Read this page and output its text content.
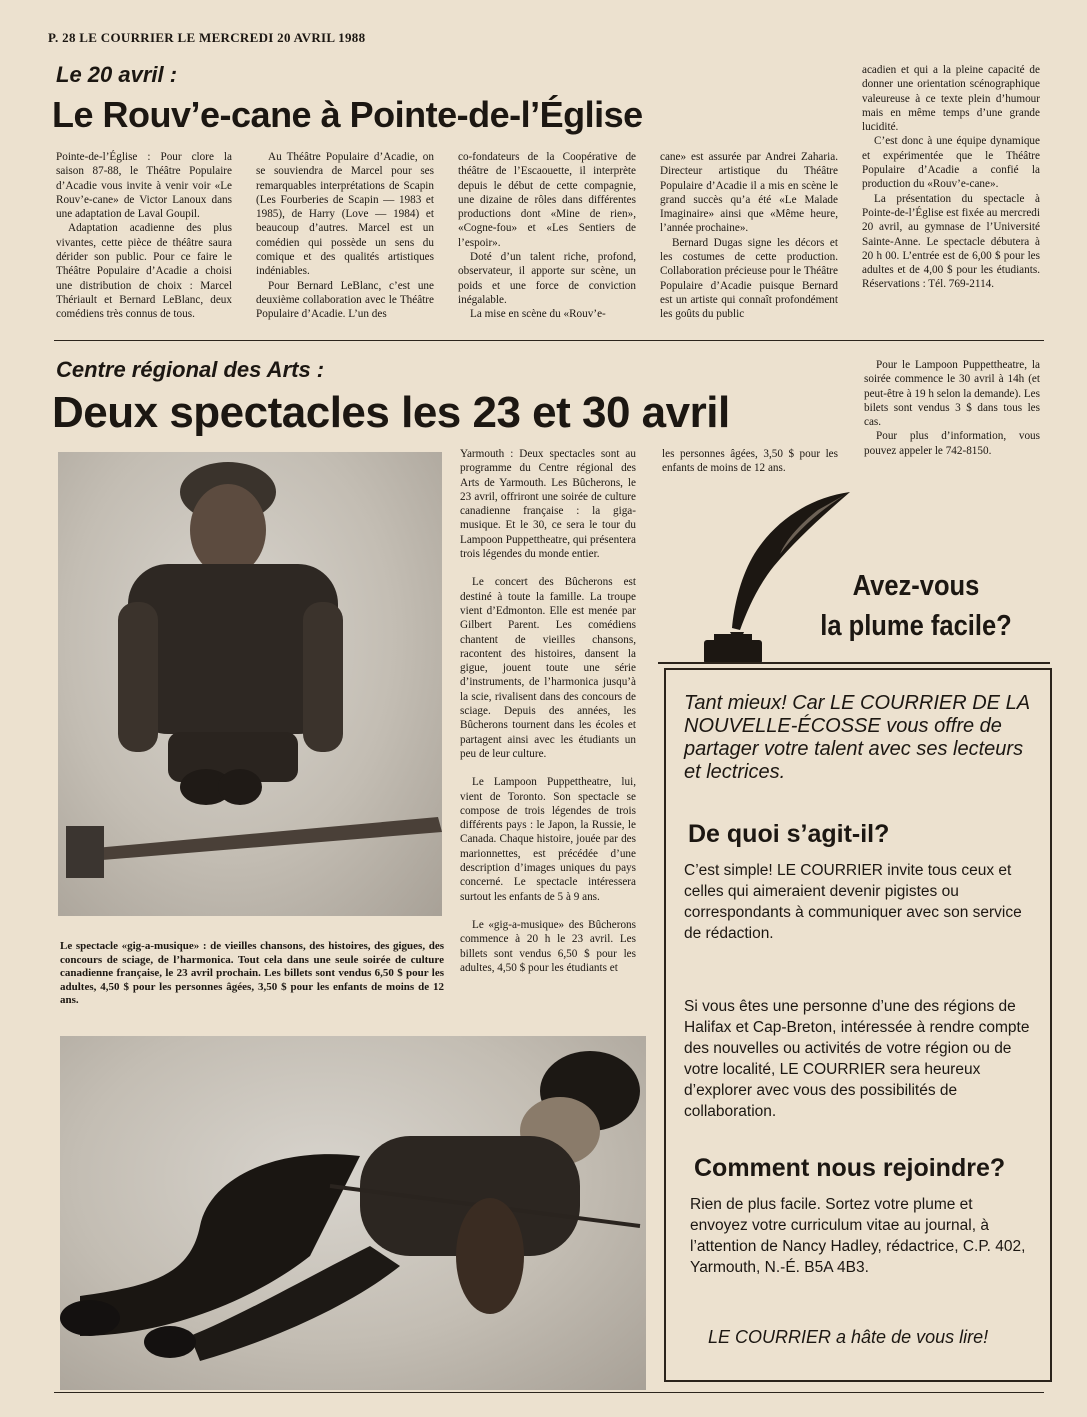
P. 28 LE COURRIER LE MERCREDI 20 AVRIL 1988
Le 20 avril :
Le Rouv’e-cane à Pointe-de-l’Église

Pointe-de-l’Église : Pour clore la saison 87-88, le Théâtre Populaire d’Acadie vous invite à venir voir «Le Rouv’e-cane» de Victor Lanoux dans une adaptation de Laval Goupil.

Adaptation acadienne des plus vivantes, cette pièce de théâtre saura dérider son public. Pour ce faire le Théâtre Populaire d’Acadie a choisi une distribution de choix : Marcel Thériault et Bernard LeBlanc, deux comédiens très connus de tous.

Au Théâtre Populaire d’Acadie, on se souviendra de Marcel pour ses remarquables interprétations de Scapin (Les Fourberies de Scapin — 1983 et 1985), de Harry (Love — 1984) et beaucoup d’autres. Marcel est un comédien qui possède un sens du comique et des qualités artistiques indéniables.

Pour Bernard LeBlanc, c’est une deuxième collaboration avec le Théâtre Populaire d’Acadie. L’un des

co-fondateurs de la Coopérative de théâtre de l’Escaouette, il interprète depuis le début de cette compagnie, une dizaine de rôles dans différentes productions dont «Mine de rien», «Cogne-fou» et «Les Sentiers de l’espoir».

Doté d’un talent riche, profond, observateur, il apporte sur scène, un poids et une force de conviction inégalable.

La mise en scène du «Rouv’e-

cane» est assurée par Andrei Zaharia. Directeur artistique du Théâtre Populaire d’Acadie il a mis en scène le grand succès qu’a été «Le Malade Imaginaire» ainsi que «Même heure, l’année prochaine».

Bernard Dugas signe les décors et les costumes de cette production. Collaboration précieuse pour le Théâtre Populaire d’Acadie puisque Bernard est un artiste qui connaît profondément les goûts du public

acadien et qui a la pleine capacité de donner une orientation scénographique valeureuse à ce texte plein d’humour mais en même temps d’une grande lucidité.

C’est donc à une équipe dynamique et expérimentée que le Théâtre Populaire d’Acadie a confié la production du «Rouv’e-cane».

La présentation du spectacle à Pointe-de-l’Église est fixée au mercredi 20 avril, au gymnase de l’Université Sainte-Anne. Le spectacle débutera à 20 h 00. L’entrée est de 6,00 $ pour les adultes et de 4,00 $ pour les étudiants. Réservations : Tél. 769-2114.

Centre régional des Arts :
Deux spectacles les 23 et 30 avril

Pour le Lampoon Puppettheatre, la soirée commence le 30 avril à 14h (et peut-être à 19 h selon la demande). Les bilets sont vendus 3 $ dans tous les cas.

Pour plus d’information, vous pouvez appeler le 742-8150.

Le spectacle «gig-a-musique» : de vieilles chansons, des histoires, des gigues, des concours de sciage, de l’harmonica. Tout cela dans une seule soirée de culture canadienne française, le 23 avril prochain. Les billets sont vendus 6,50 $ pour les adultes, 4,50 $ pour les personnes âgées, 3,50 $ pour les enfants de moins de 12 ans.

Yarmouth : Deux spectacles sont au programme du Centre régional des Arts de Yarmouth. Les Bûcherons, le 23 avril, offriront une soirée de culture canadienne française : la giga-musique. Et le 30, ce sera le tour du Lampoon Puppettheatre, qui présentera trois légendes du monde entier.

Le concert des Bûcherons est destiné à toute la famille. La troupe vient d’Edmonton. Elle est menée par Gilbert Parent. Les comédiens chantent de vieilles chansons, racontent des histoires, dansent la gigue, jouent toute une série d’instruments, de l’harmonica jusqu’à la scie, rivalisent dans des concours de sciage. Depuis des années, les Bûcherons tournent dans les écoles et partagent ainsi avec les étudiants un peu de leur culture.

Le Lampoon Puppettheatre, lui, vient de Toronto. Son spectacle se compose de trois légendes de trois différents pays : le Japon, la Russie, le Canada. Chaque histoire, jouée par des marionnettes, est précédée d’une description d’images uniques du pays concerné. Le spectacle intéressera surtout les enfants de 5 à 9 ans.

Le «gig-a-musique» des Bûcherons commence à 20 h le 23 avril. Les billets sont vendus 6,50 $ pour les adultes, 4,50 $ pour les étudiants et

les personnes âgées, 3,50 $ pour les enfants de moins de 12 ans.

Avez-vous
la plume facile?
Tant mieux! Car LE COURRIER DE LA NOUVELLE-ÉCOSSE vous offre de partager votre talent avec ses lecteurs et lectrices.
De quoi s’agit-il?
C’est simple! LE COURRIER invite tous ceux et celles qui aimeraient devenir pigistes ou correspondants à communiquer avec son service de rédaction.
Si vous êtes une personne d’une des régions de Halifax et Cap-Breton, intéressée à rendre compte des nouvelles ou activités de votre région ou de votre localité, LE COURRIER sera heureux d’explorer avec vous des possibilités de collaboration.
Comment nous rejoindre?
Rien de plus facile. Sortez votre plume et envoyez votre curriculum vitae au journal, à l’attention de Nancy Hadley, rédactrice, C.P. 402, Yarmouth, N.-É. B5A 4B3.
LE COURRIER a hâte de vous lire!
